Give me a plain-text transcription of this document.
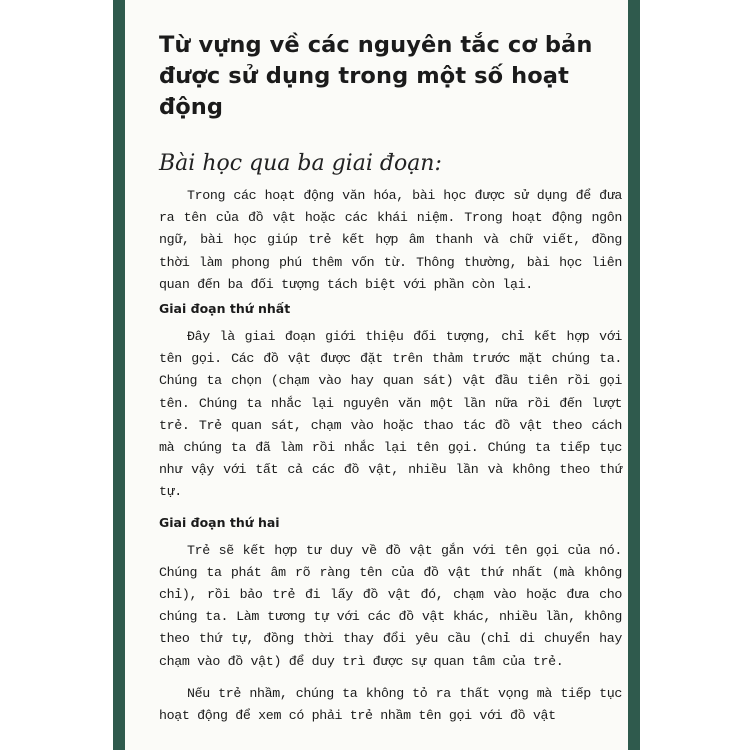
Từ vựng về các nguyên tắc cơ bản
được sử dụng trong một số hoạt động
Bài học qua ba giai đoạn:

Trong các hoạt động văn hóa, bài học được sử dụng để đưa ra tên của đồ vật hoặc các khái niệm. Trong hoạt động ngôn ngữ, bài học giúp trẻ kết hợp âm thanh và chữ viết, đồng thời làm phong phú thêm vốn từ. Thông thường, bài học liên quan đến ba đối tượng tách biệt với phần còn lại.

Giai đoạn thứ nhất

Đây là giai đoạn giới thiệu đối tượng, chỉ kết hợp với tên gọi. Các đồ vật được đặt trên thảm trước mặt chúng ta. Chúng ta chọn (chạm vào hay quan sát) vật đầu tiên rồi gọi tên. Chúng ta nhắc lại nguyên văn một lần nữa rồi đến lượt trẻ. Trẻ quan sát, chạm vào hoặc thao tác đồ vật theo cách mà chúng ta đã làm rồi nhắc lại tên gọi. Chúng ta tiếp tục như vậy với tất cả các đồ vật, nhiều lần và không theo thứ tự.

Giai đoạn thứ hai

Trẻ sẽ kết hợp tư duy về đồ vật gắn với tên gọi của nó. Chúng ta phát âm rõ ràng tên của đồ vật thứ nhất (mà không chỉ), rồi bảo trẻ đi lấy đồ vật đó, chạm vào hoặc đưa cho chúng ta. Làm tương tự với các đồ vật khác, nhiều lần, không theo thứ tự, đồng thời thay đổi yêu cầu (chỉ di chuyển hay chạm vào đồ vật) để duy trì được sự quan tâm của trẻ.

Nếu trẻ nhầm, chúng ta không tỏ ra thất vọng mà tiếp tục hoạt động để xem có phải trẻ nhầm tên gọi với đồ vật
